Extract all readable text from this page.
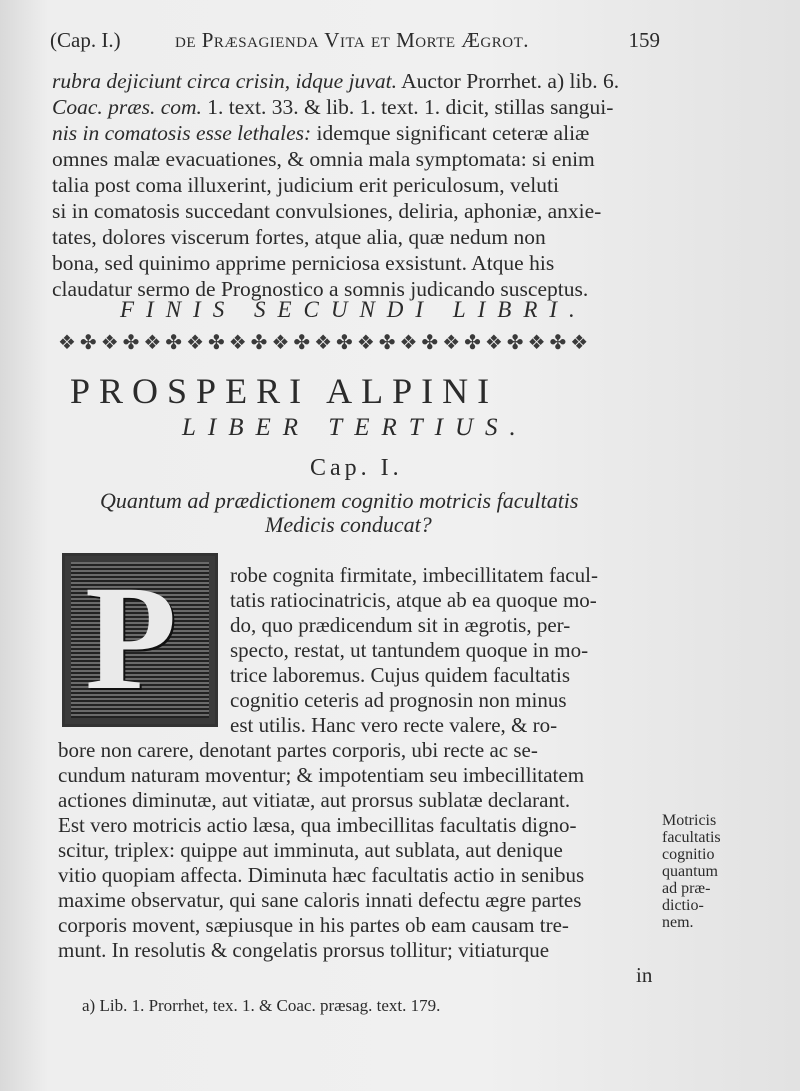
(Cap. I.)	de Præsagienda Vita et Morte Ægrot.	159
rubra dejiciunt circa crisin, idque juvat. Auctor Prorrhet. a) lib. 6.
Coac. præs. com. 1. text. 33. & lib. 1. text. 1. dicit, stillas sangui-
nis in comatosis esse lethales: idemque significant ceteræ aliæ
omnes malæ evacuationes, & omnia mala symptomata: si enim
talia post coma illuxerint, judicium erit periculosum, veluti
si in comatosis succedant convulsiones, deliria, aphoniæ, anxie-
tates, dolores viscerum fortes, atque alia, quæ nedum non
bona, sed quinimo apprime perniciosa exsistunt. Atque his
claudatur sermo de Prognostico a somnis judicando susceptus.
FINIS SECUNDI LIBRI.
❖✤❖✤❖✤❖✤❖✤❖✤❖✤❖✤❖✤❖✤❖✤❖✤❖
PROSPERI ALPINI
LIBER TERTIUS.
Cap. I.
Quantum ad prædictionem cognitio motricis facultatis
Medicis conducat?
P	robe cognita firmitate, imbecillitatem facul-
tatis ratiocinatricis, atque ab ea quoque mo-
do, quo prædicendum sit in ægrotis, per-
specto, restat, ut tantundem quoque in mo-
trice laboremus. Cujus quidem facultatis
cognitio ceteris ad prognosin non minus
est utilis. Hanc vero recte valere, & ro-
bore non carere, denotant partes corporis, ubi recte ac se-
cundum naturam moventur; & impotentiam seu imbecillitatem
actiones diminutæ, aut vitiatæ, aut prorsus sublatæ declarant.
Est vero motricis actio læsa, qua imbecillitas facultatis digno-
scitur, triplex: quippe aut imminuta, aut sublata, aut denique
vitio quopiam affecta. Diminuta hæc facultatis actio in senibus
maxime observatur, qui sane caloris innati defectu ægre partes
corporis movent, sæpiusque in his partes ob eam causam tre-
munt. In resolutis & congelatis prorsus tollitur; vitiaturque
in
Motricis
facultatis
cognitio
quantum
ad præ-
dictio-
nem.
a) Lib. 1. Prorrhet, tex. 1. & Coac. præsag. text. 179.
